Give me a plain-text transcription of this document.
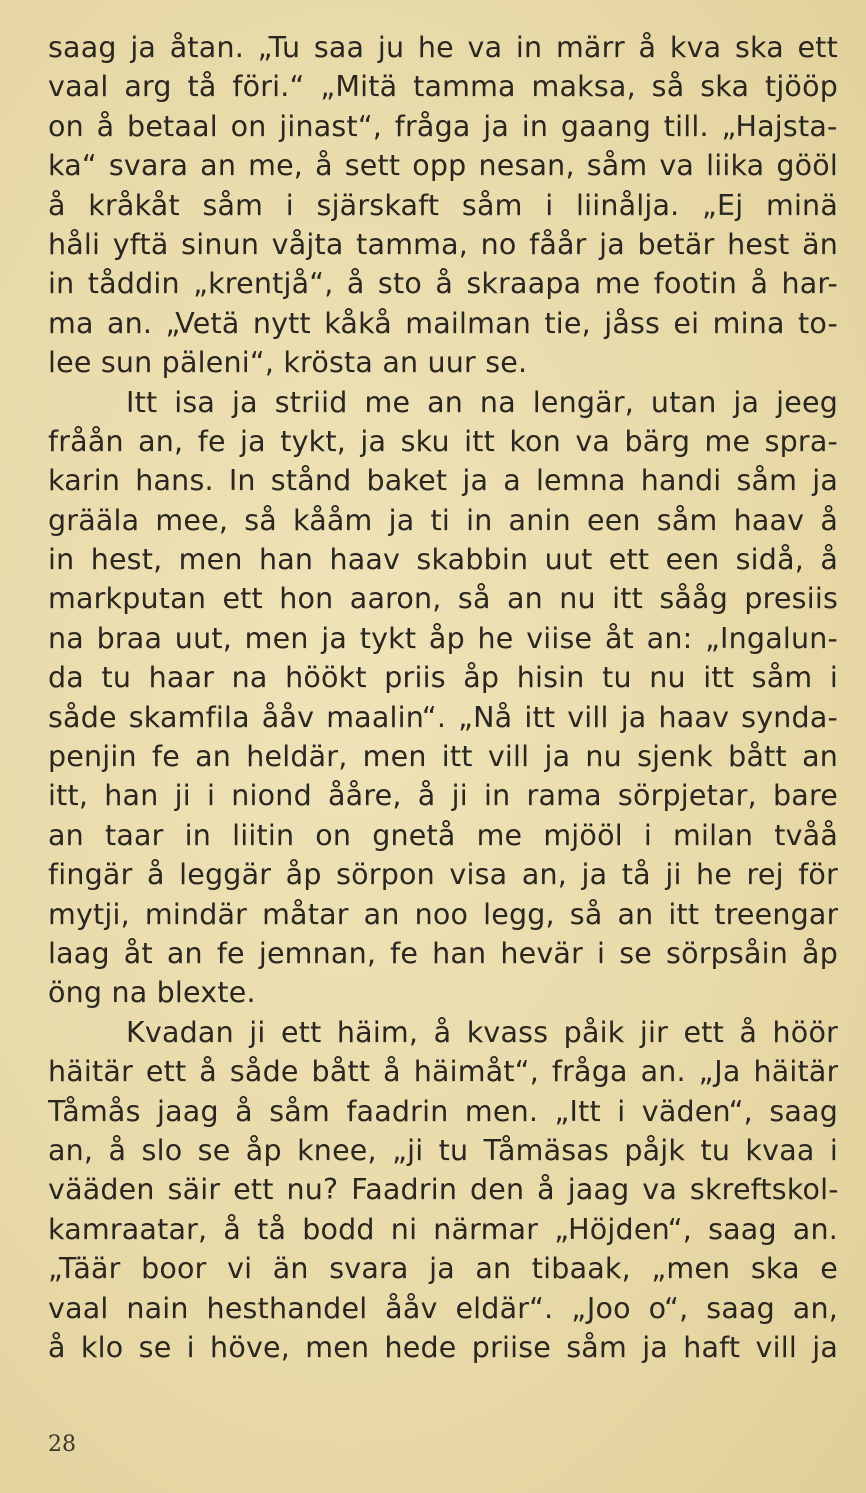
saag ja åtan. „Tu saa ju he va in märr å kva ska ett
vaal arg tå föri.“ „Mitä tamma maksa, så ska tjööp
on å betaal on jinast“, fråga ja in gaang till. „Hajsta-
ka“ svara an me, å sett opp nesan, såm va liika gööl
å kråkåt såm i sjärskaft såm i liinålja. „Ej minä
håli yftä sinun våjta tamma, no fåår ja betär hest än
in tåddin „krentjå“, å sto å skraapa me footin å har-
ma an. „Vetä nytt kåkå mailman tie, jåss ei mina to-
lee sun päleni“, krösta an uur se.
Itt isa ja striid me an na lengär, utan ja jeeg
fråån an, fe ja tykt, ja sku itt kon va bärg me spra-
karin hans. In stånd baket ja a lemna handi såm ja
grääla mee, så kååm ja ti in anin een såm haav å
in hest, men han haav skabbin uut ett een sidå, å
markputan ett hon aaron, så an nu itt sååg presiis
na braa uut, men ja tykt åp he viise åt an: „Ingalun-
da tu haar na höökt priis åp hisin tu nu itt såm i
såde skamfila ååv maalin“. „Nå itt vill ja haav synda-
penjin fe an heldär, men itt vill ja nu sjenk bått an
itt, han ji i niond ååre, å ji in rama sörpjetar, bare
an taar in liitin on gnetå me mjööl i milan tvåå
fingär å leggär åp sörpon visa an, ja tå ji he rej för
mytji, mindär måtar an noo legg, så an itt treengar
laag åt an fe jemnan, fe han hevär i se sörpsåin åp
öng na blexte.
Kvadan ji ett häim, å kvass påik jir ett å höör
häitär ett å såde bått å häimåt“, fråga an. „Ja häitär
Tåmås jaag å såm faadrin men. „Itt i väden“, saag
an, å slo se åp knee, „ji tu Tåmäsas påjk tu kvaa i
vääden säir ett nu? Faadrin den å jaag va skreftskol-
kamraatar, å tå bodd ni närmar „Höjden“, saag an.
„Täär boor vi än svara ja an tibaak, „men ska e
vaal nain hesthandel ååv eldär“. „Joo o“, saag an,
å klo se i höve, men hede priise såm ja haft vill ja
28
